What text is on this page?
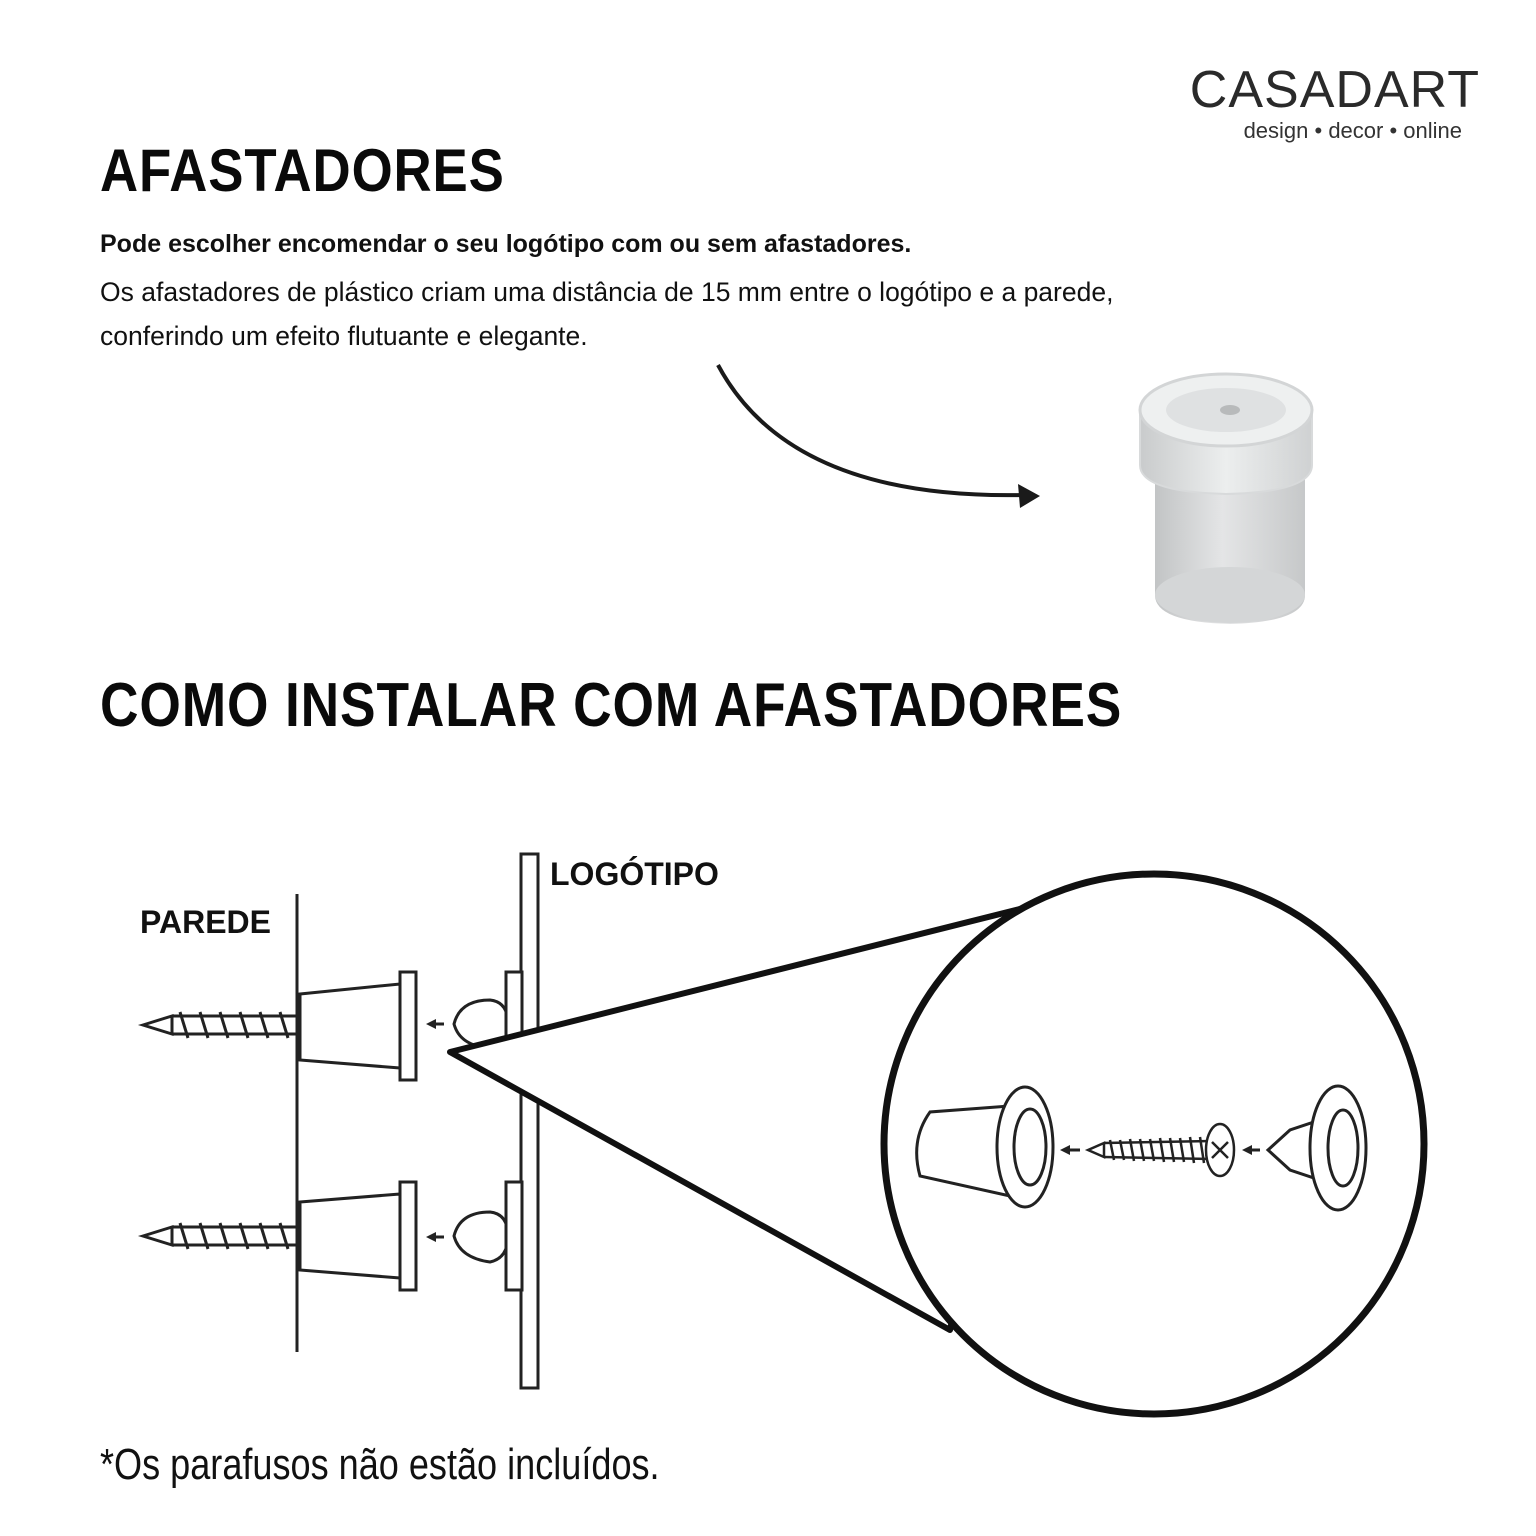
CASADART
design • decor • online
AFASTADORES
Pode escolher encomendar o seu logótipo com ou sem afastadores.
Os afastadores de plástico criam uma distância de 15 mm entre o logótipo e a parede, conferindo um efeito flutuante e elegante.
COMO INSTALAR COM AFASTADORES
PAREDE
LOGÓTIPO
*Os parafusos não estão incluídos.
